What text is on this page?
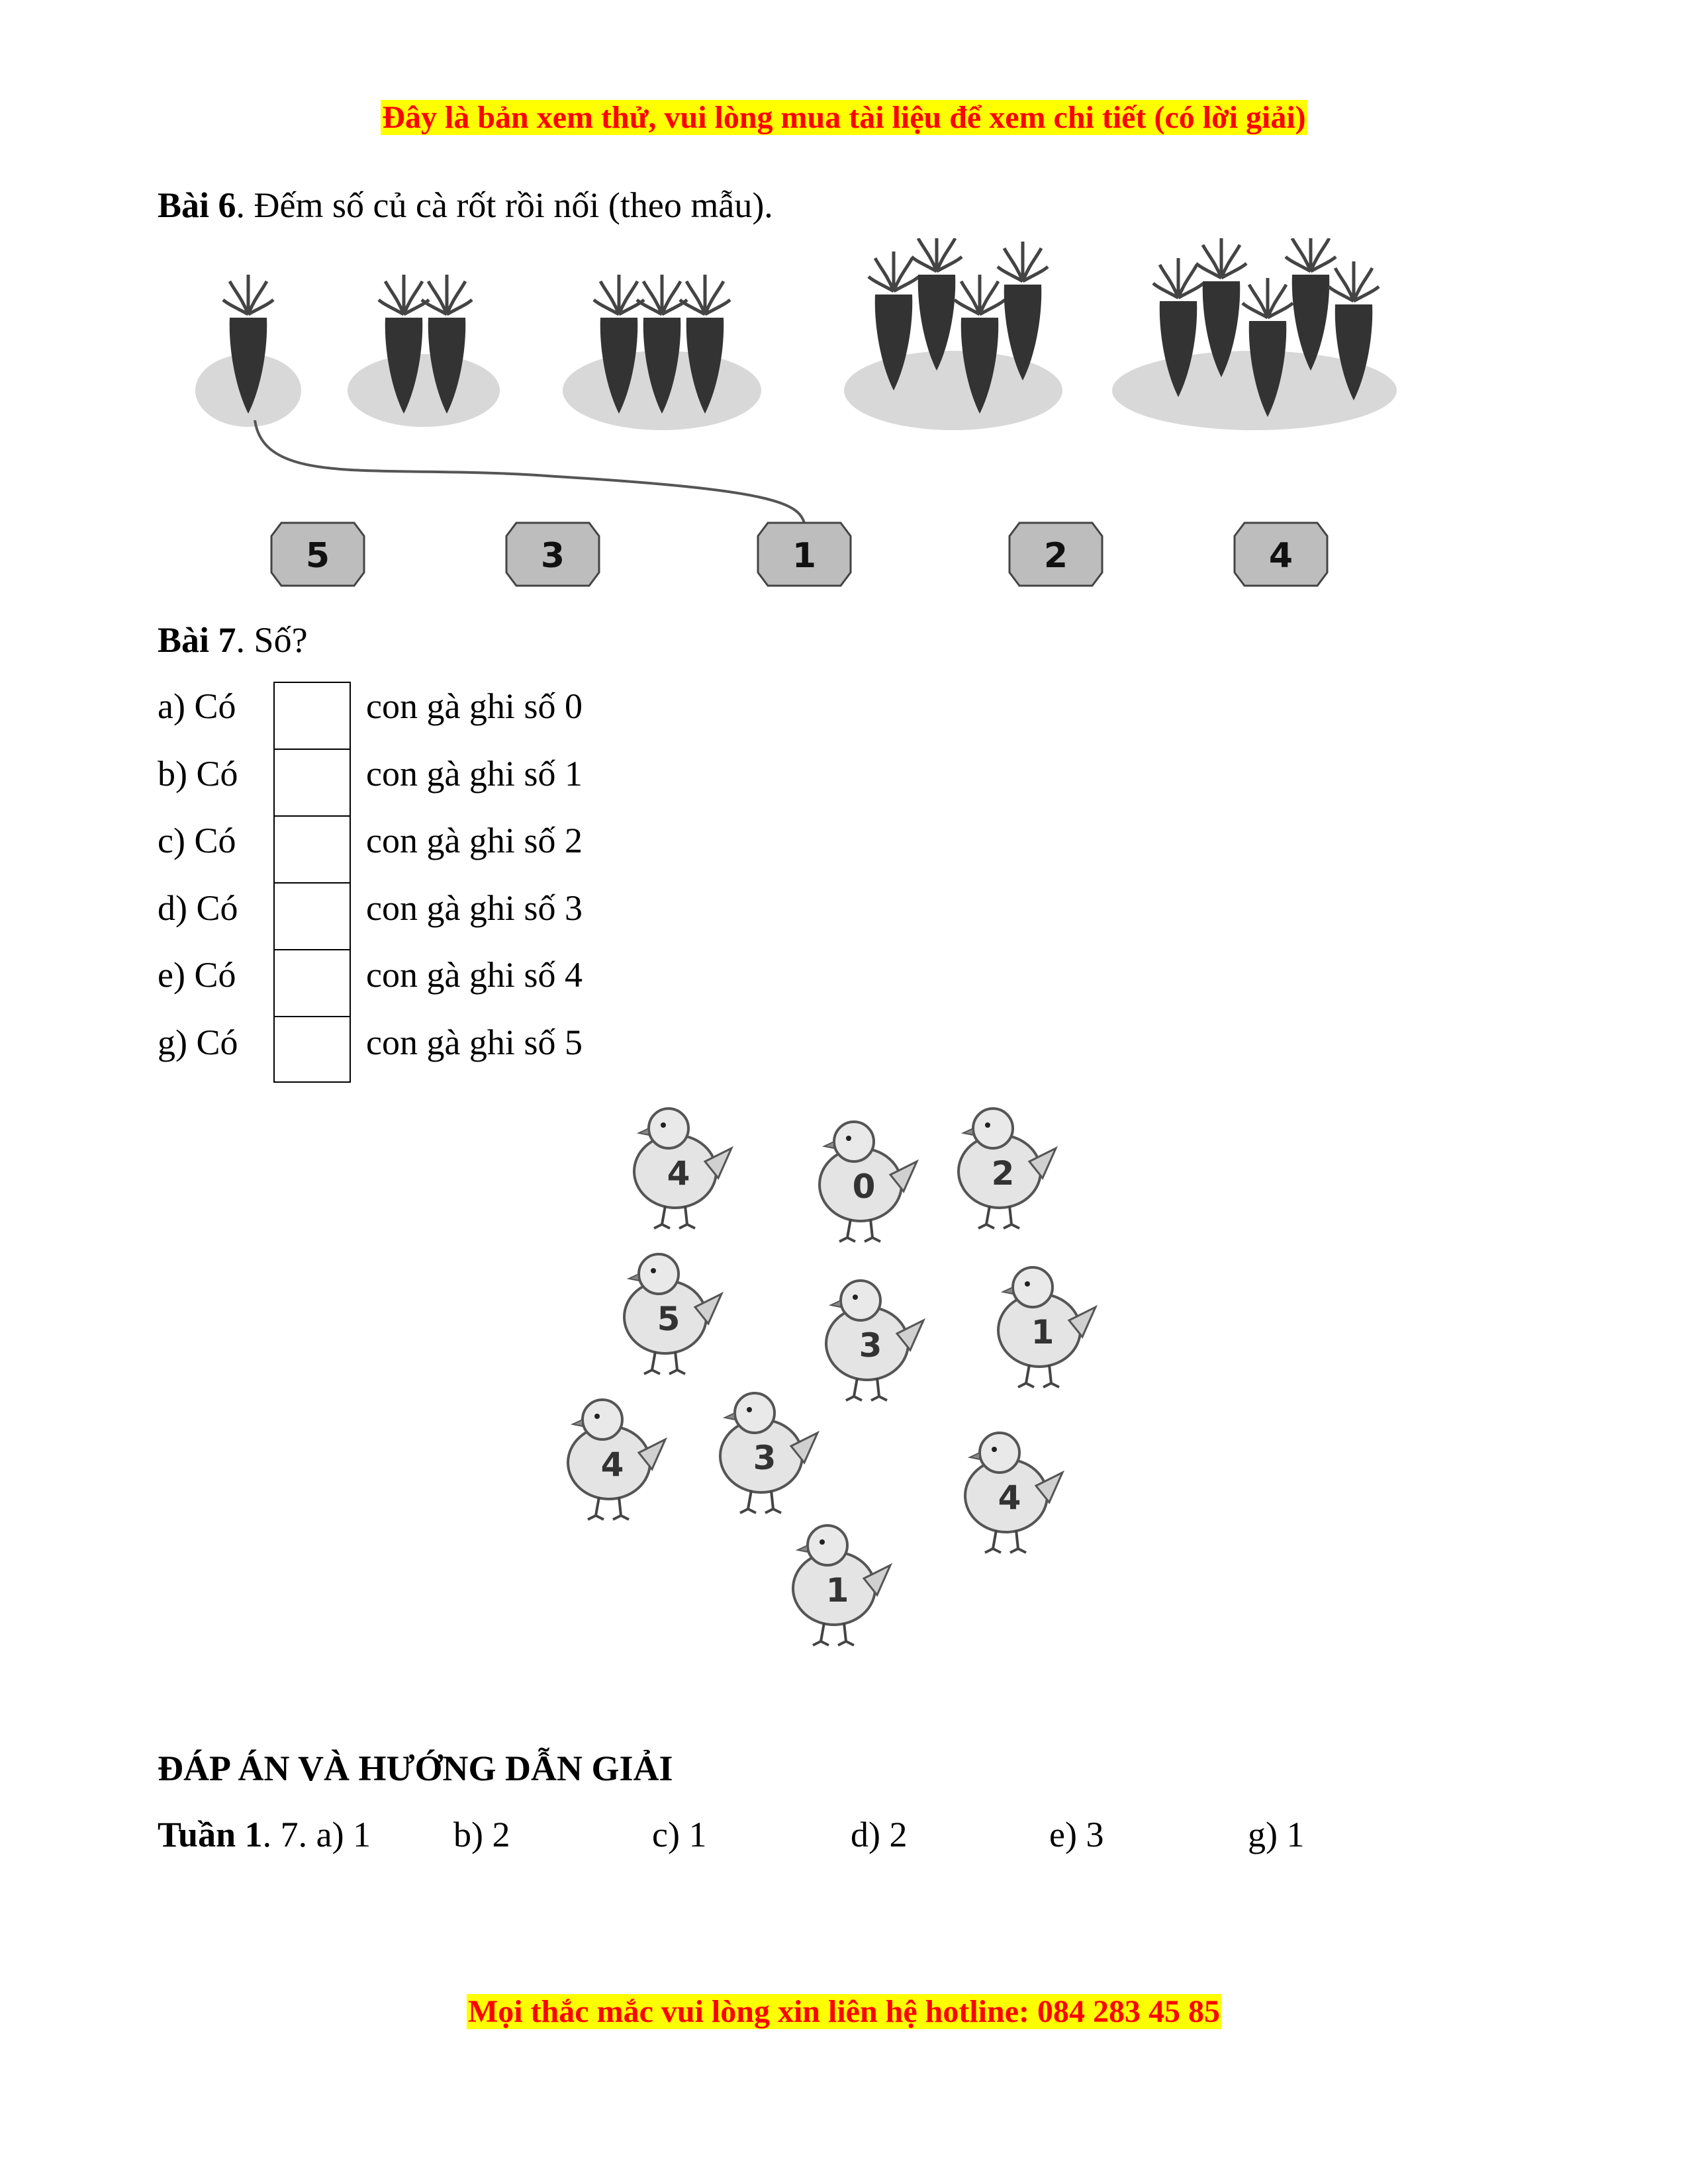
Đây là bản xem thử, vui lòng mua tài liệu để xem chi tiết (có lời giải)
Bài 6. Đếm số củ cà rốt rồi nối (theo mẫu).
5	3	1	2	4
Bài 7. Số?
a) Có	con gà ghi số 0
b) Có	con gà ghi số 1
c) Có	con gà ghi số 2
d) Có	con gà ghi số 3
e) Có	con gà ghi số 4
g) Có	con gà ghi số 5
4	0	2
5
3	1
4	3
4
1
ĐÁP ÁN VÀ HƯỚNG DẪN GIẢI
Tuần 1. 7. a) 1 b) 2	c) 1	d) 2	e) 3	g) 1
Mọi thắc mắc vui lòng xin liên hệ hotline: 084 283 45 85
